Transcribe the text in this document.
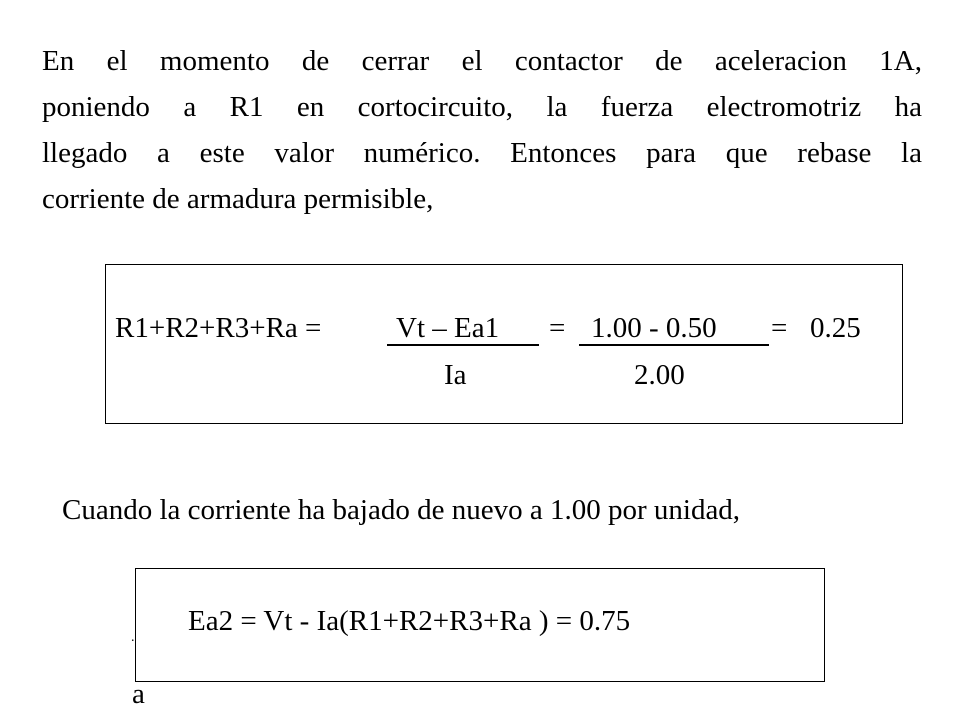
En el momento de cerrar el contactor de aceleracion 1A,
poniendo a R1 en cortocircuito, la fuerza electromotriz ha
llegado a este valor numérico. Entonces para que rebase la
corriente de armadura permisible,
R1+R2+R3+Ra =	Vt – Ea1 = 1.00 - 0.50 = 0.25
Ia	2.00
Cuando la corriente ha bajado de nuevo a 1.00 por unidad,
.
Ea2 = Vt - Ia(R1+R2+R3+Ra ) = 0.75
a
